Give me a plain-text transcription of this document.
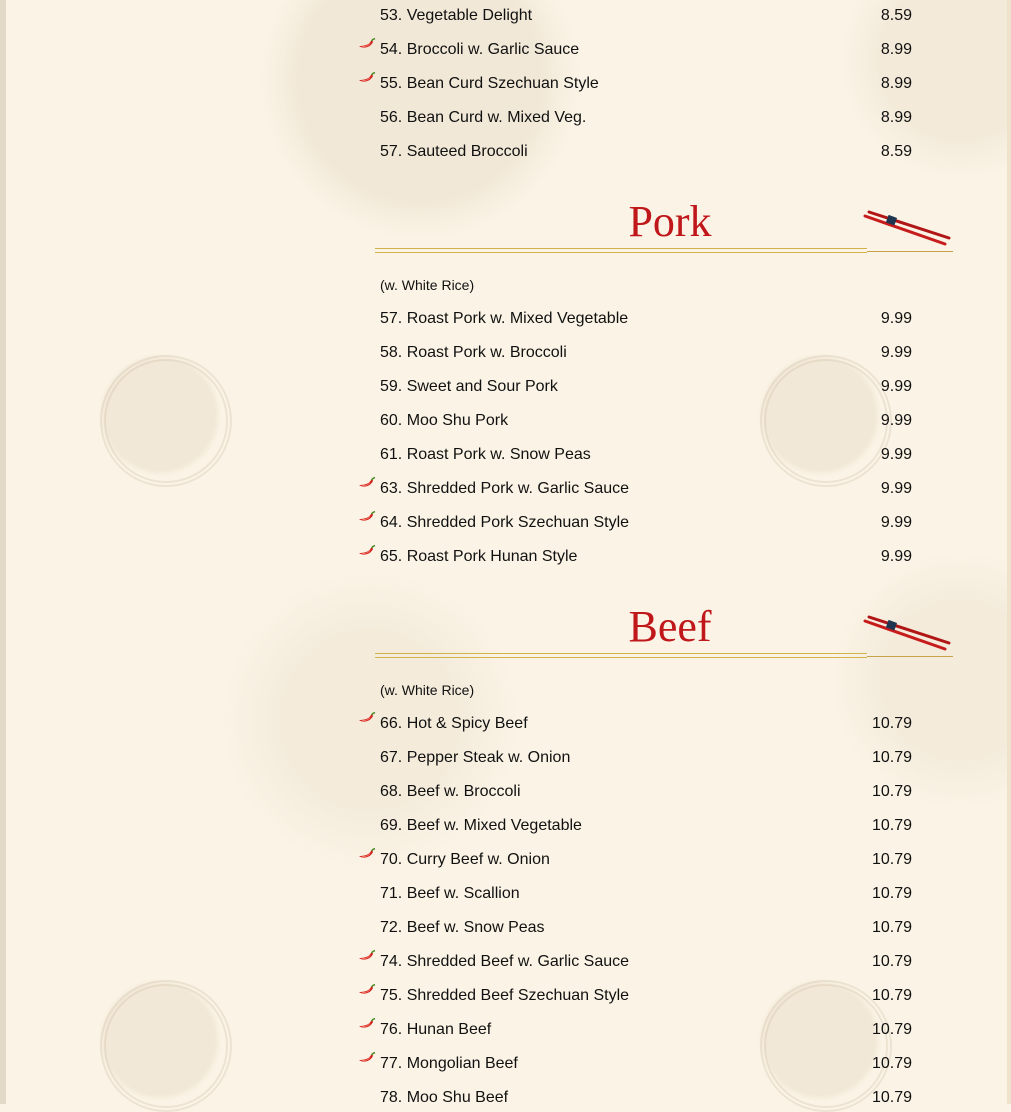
53. Vegetable Delight	8.59
54. Broccoli w. Garlic Sauce	8.99
55. Bean Curd Szechuan Style	8.99
56. Bean Curd w. Mixed Veg.	8.99
57. Sauteed Broccoli	8.59
Pork
(w. White Rice)
57. Roast Pork w. Mixed Vegetable	9.99
58. Roast Pork w. Broccoli	9.99
59. Sweet and Sour Pork	9.99
60. Moo Shu Pork	9.99
61. Roast Pork w. Snow Peas	9.99
63. Shredded Pork w. Garlic Sauce	9.99
64. Shredded Pork Szechuan Style	9.99
65. Roast Pork Hunan Style	9.99
Beef
(w. White Rice)
66. Hot & Spicy Beef	10.79
67. Pepper Steak w. Onion	10.79
68. Beef w. Broccoli	10.79
69. Beef w. Mixed Vegetable	10.79
70. Curry Beef w. Onion	10.79
71. Beef w. Scallion	10.79
72. Beef w. Snow Peas	10.79
74. Shredded Beef w. Garlic Sauce	10.79
75. Shredded Beef Szechuan Style	10.79
76. Hunan Beef	10.79
77. Mongolian Beef	10.79
78. Moo Shu Beef	10.79
